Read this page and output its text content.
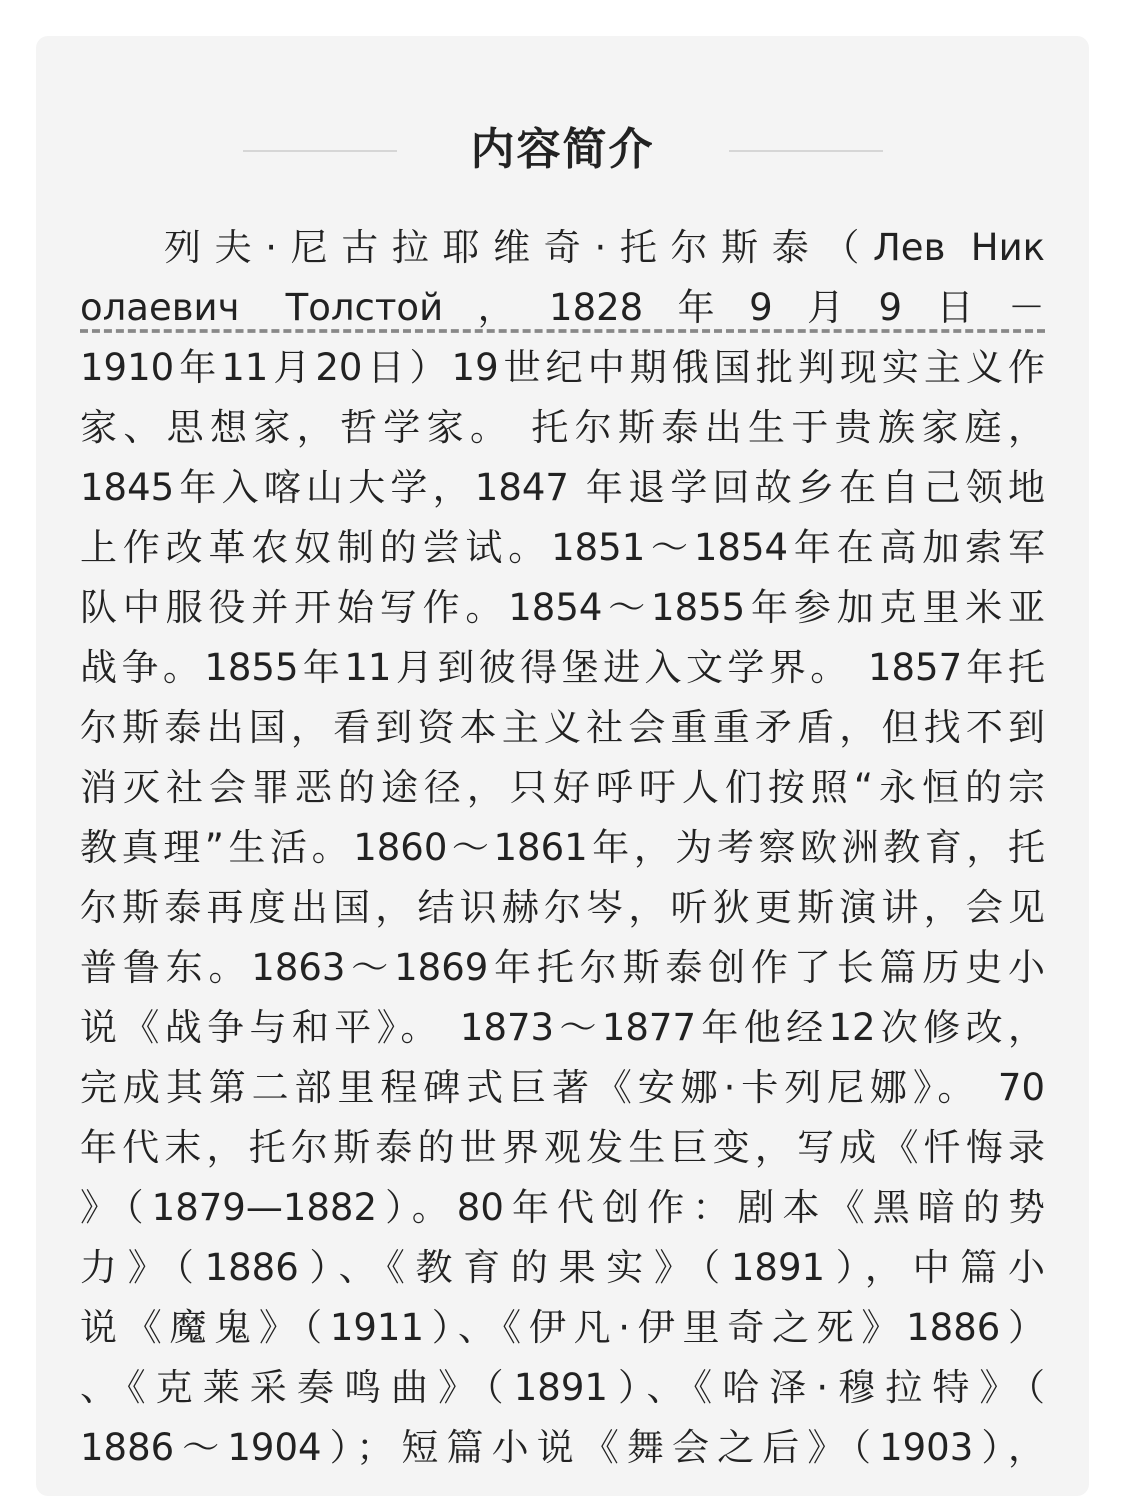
内容简介
列夫·尼古拉耶维奇·托尔斯泰（Лев Ник
олаевич Толстой，1828年9月9日－
1910年11月20日）19世纪中期俄国批判现实主义作
家、思想家，哲学家。 托尔斯泰出生于贵族家庭，
1845年入喀山大学，1847 年退学回故乡在自己领地
上作改革农奴制的尝试。1851～1854年在高加索军
队中服役并开始写作。1854～1855年参加克里米亚
战争。1855年11月到彼得堡进入文学界。 1857年托
尔斯泰出国，看到资本主义社会重重矛盾，但找不到
消灭社会罪恶的途径，只好呼吁人们按照“永恒的宗
教真理”生活。1860～1861年，为考察欧洲教育，托
尔斯泰再度出国，结识赫尔岑，听狄更斯演讲，会见
普鲁东。1863～1869年托尔斯泰创作了长篇历史小
说《战争与和平》。 1873～1877年他经12次修改，
完成其第二部里程碑式巨著《安娜·卡列尼娜》。 70
年代末，托尔斯泰的世界观发生巨变，写成《忏悔录
》（1879—1882）。80年代创作：剧本《黑暗的势
力》（1886）、《教育的果实》（1891），中篇小
说《魔鬼》（1911）、《伊凡·伊里奇之死》1886）
、《克莱采奏鸣曲》（1891）、《哈泽·穆拉特》（
1886～1904）；短篇小说《舞会之后》（1903），
